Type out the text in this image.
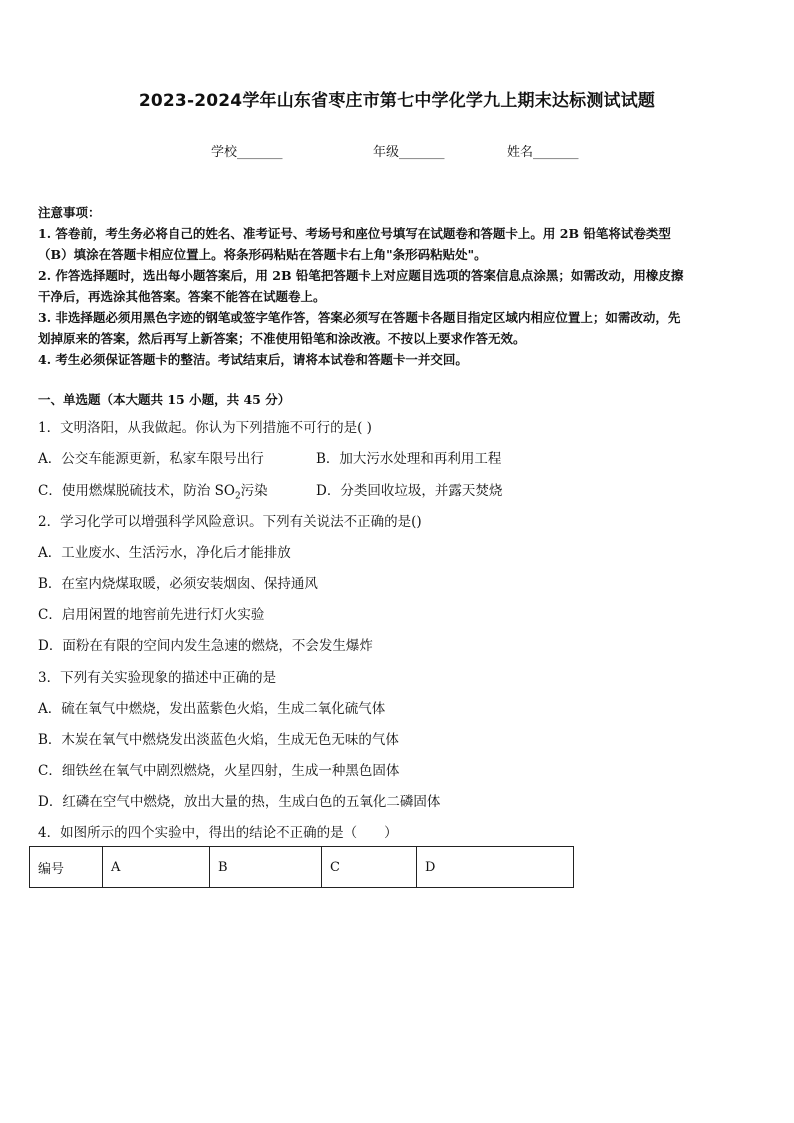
2023-2024学年山东省枣庄市第七中学化学九上期末达标测试试题
学校_______	年级_______	姓名_______
注意事项：
1. 答卷前，考生务必将自己的姓名、准考证号、考场号和座位号填写在试题卷和答题卡上。用 2B 铅笔将试卷类型
（B）填涂在答题卡相应位置上。将条形码粘贴在答题卡右上角"条形码粘贴处"。
2. 作答选择题时，选出每小题答案后，用 2B 铅笔把答题卡上对应题目选项的答案信息点涂黑；如需改动，用橡皮擦
干净后，再选涂其他答案。答案不能答在试题卷上。
3. 非选择题必须用黑色字迹的钢笔或签字笔作答，答案必须写在答题卡各题目指定区域内相应位置上；如需改动，先
划掉原来的答案，然后再写上新答案；不准使用铅笔和涂改液。不按以上要求作答无效。
4. 考生必须保证答题卡的整洁。考试结束后，请将本试卷和答题卡一并交回。
一、单选题（本大题共 15 小题，共 45 分）
1．文明洛阳，从我做起。你认为下列措施不可行的是( )
A．公交车能源更新，私家车限号出行	B．加大污水处理和再利用工程
C．使用燃煤脱硫技术，防治 $SO_2$污染	D．分类回收垃圾，并露天焚烧
2．学习化学可以增强科学风险意识。下列有关说法不正确的是()
A．工业废水、生活污水，净化后才能排放
B．在室内烧煤取暖，必须安装烟囱、保持通风
C．启用闲置的地窖前先进行灯火实验
D．面粉在有限的空间内发生急速的燃烧，不会发生爆炸
3．下列有关实验现象的描述中正确的是
A．硫在氧气中燃烧，发出蓝紫色火焰，生成二氧化硫气体
B．木炭在氧气中燃烧发出淡蓝色火焰，生成无色无味的气体
C．细铁丝在氧气中剧烈燃烧，火星四射，生成一种黑色固体
D．红磷在空气中燃烧，放出大量的热，生成白色的五氧化二磷固体
4．如图所示的四个实验中，得出的结论不正确的是（　　）
编号	A	B	C	D
